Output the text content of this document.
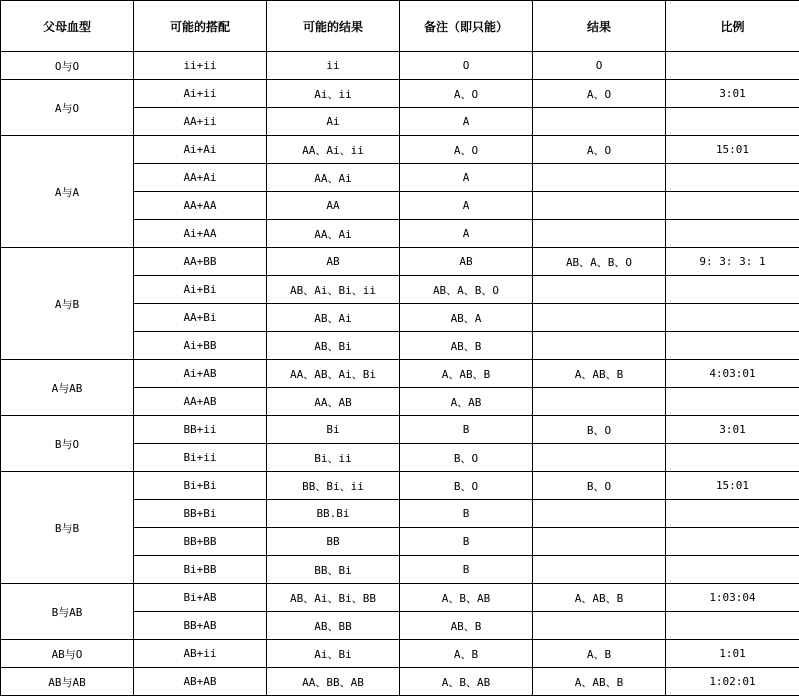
父母血型	可能的搭配	可能的结果	备注（即只能）	结果	比例
O与O	ii+ii	ii	O	O	
A与O	Ai+ii	Ai、ii	A、O	A、O	3:01
	AA+ii	Ai	A		
A与A	Ai+Ai	AA、Ai、ii	A、O	A、O	15:01
	AA+Ai	AA、Ai	A		
	AA+AA	AA	A		
	Ai+AA	AA、Ai	A		
A与B	AA+BB	AB	AB	AB、A、B、O	9: 3: 3: 1
	Ai+Bi	AB、Ai、Bi、ii	AB、A、B、O		
	AA+Bi	AB、Ai	AB、A		
	Ai+BB	AB、Bi	AB、B		
A与AB	Ai+AB	AA、AB、Ai、Bi	A、AB、B	A、AB、B	4:03:01
	AA+AB	AA、AB	A、AB		
B与O	BB+ii	Bi	B	B、O	3:01
	Bi+ii	Bi、ii	B、O		
B与B	Bi+Bi	BB、Bi、ii	B、O	B、O	15:01
	BB+Bi	BB.Bi	B		
	BB+BB	BB	B		
	Bi+BB	BB、Bi	B		
B与AB	Bi+AB	AB、Ai、Bi、BB	A、B、AB	A、AB、B	1:03:04
	BB+AB	AB、BB	AB、B		
AB与O	AB+ii	Ai、Bi	A、B	A、B	1:01
AB与AB	AB+AB	AA、BB、AB	A、B、AB	A、AB、B	1:02:01
